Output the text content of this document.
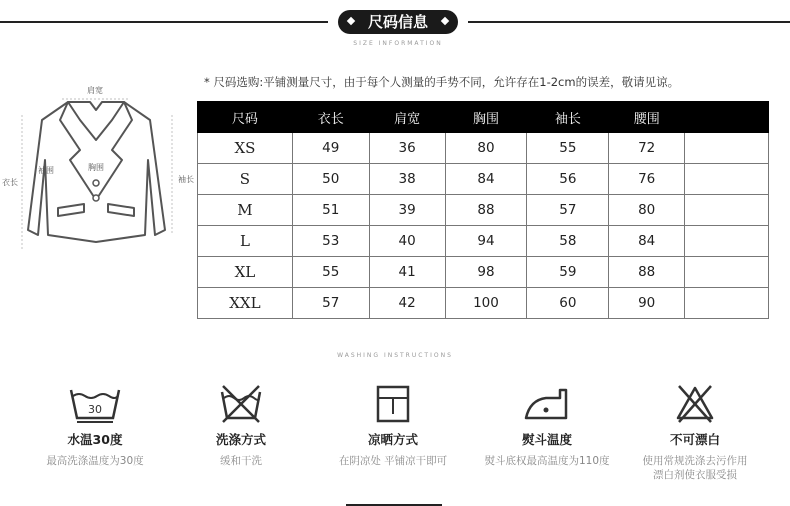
尺码信息
SIZE INFORMATION
* 尺码选购:平铺测量尺寸，由于每个人测量的手势不同，允许存在1-2cm的误差，敬请见谅。
肩宽
衣长
袖围	胸围
袖长
尺码	衣长	肩宽	胸围	袖长	腰围	
XS	49	36	80	55	72	
S	50	38	84	56	76	
M	51	39	88	57	80	
L	53	40	94	58	84	
XL	55	41	98	59	88	
XXL	57	42	100	60	90	
WASHING INSTRUCTIONS
30
水温30度
最高洗涤温度为30度
洗涤方式
缓和干洗
凉晒方式
在阴凉处 平铺凉干即可
熨斗温度
熨斗底权最高温度为110度
不可漂白
使用常规洗涤去污作用
漂白剂使衣服受损
